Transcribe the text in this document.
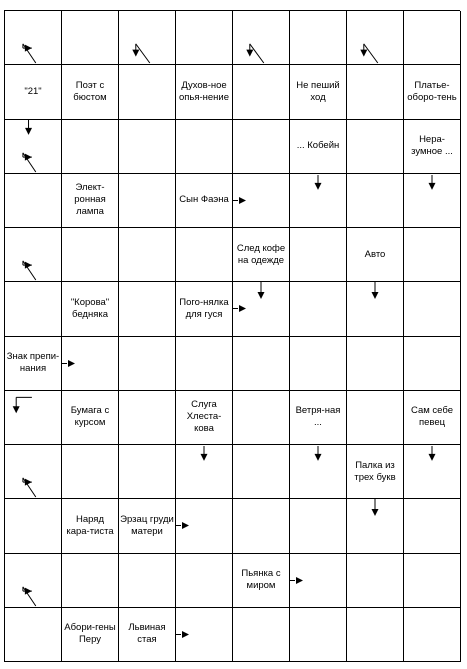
"21"
Поэт с бюстом
Духов-ное опья-нение
Не пеший ход
Платье-оборо-тень
... Кобейн
Нера-зумное ...
Элект-ронная лампа
Сын Фаэна
След кофе на одежде
Авто
"Корова" бедняка
Пого-нялка для гуся
Знак препи-нания
Бумага с курсом
Слуга Хлеста-кова
Ветря-ная ...
Сам себе певец
Палка из трех букв
Наряд кара-тиста
Эрзац груди матери
Пьянка с миром
Абори-гены Перу
Львиная стая
